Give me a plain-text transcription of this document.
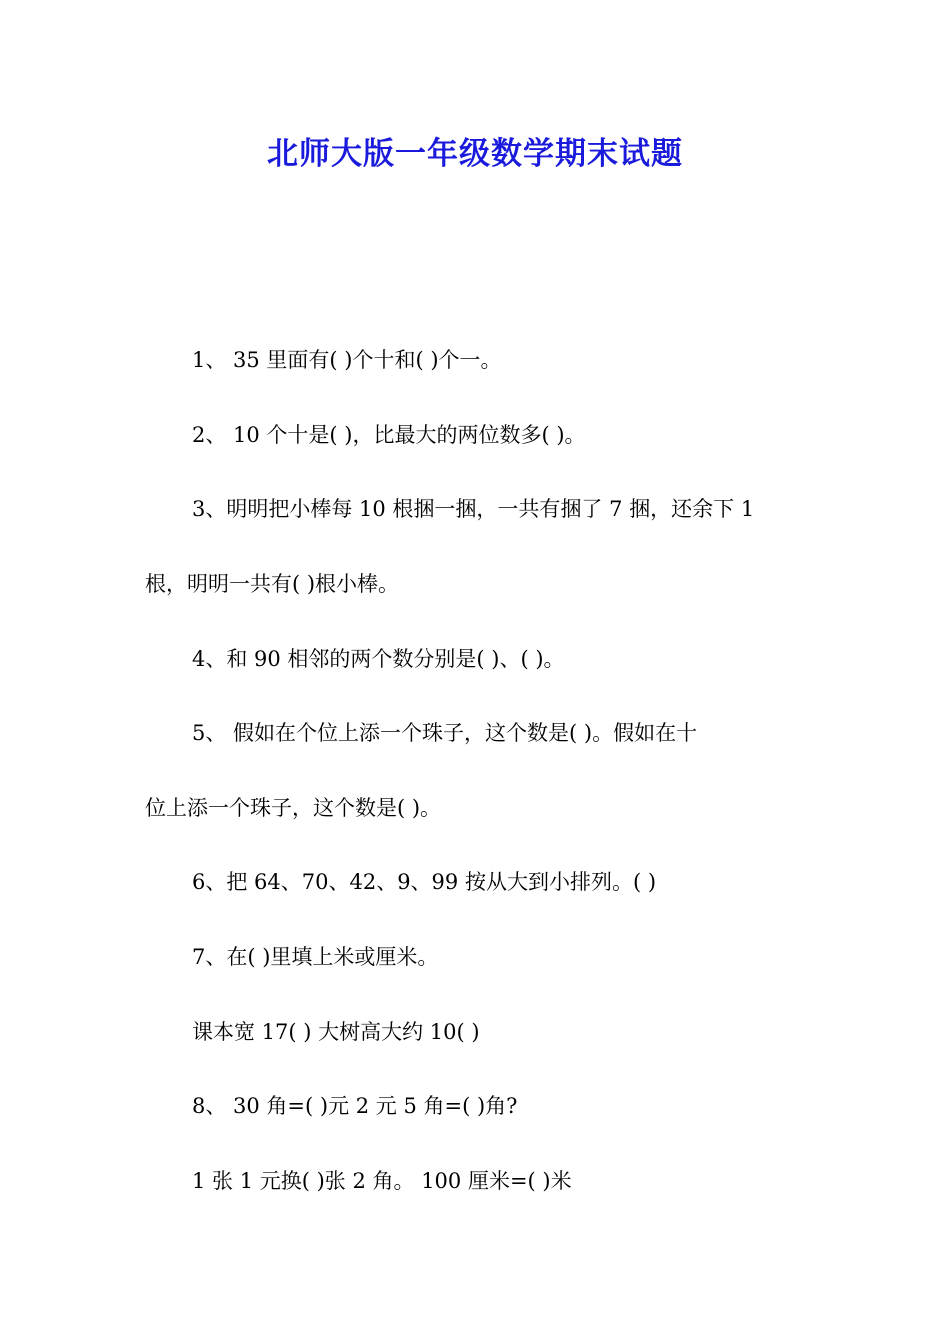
北师大版一年级数学期末试题
1、 35 里面有( )个十和( )个一。
2、 10 个十是( )，比最大的两位数多( )。
3、明明把小棒每 10 根捆一捆，一共有捆了 7 捆，还余下 1
根，明明一共有( )根小棒。
4、和 90 相邻的两个数分别是( )、( )。
5、 假如在个位上添一个珠子，这个数是( )。假如在十
位上添一个珠子，这个数是( )。
6、把 64、70、42、9、99 按从大到小排列。( )
7、在( )里填上米或厘米。
课本宽 17( ) 大树高大约 10( )
8、 30 角=( )元 2 元 5 角=( )角?
1 张 1 元换( )张 2 角。 100 厘米=( )米
